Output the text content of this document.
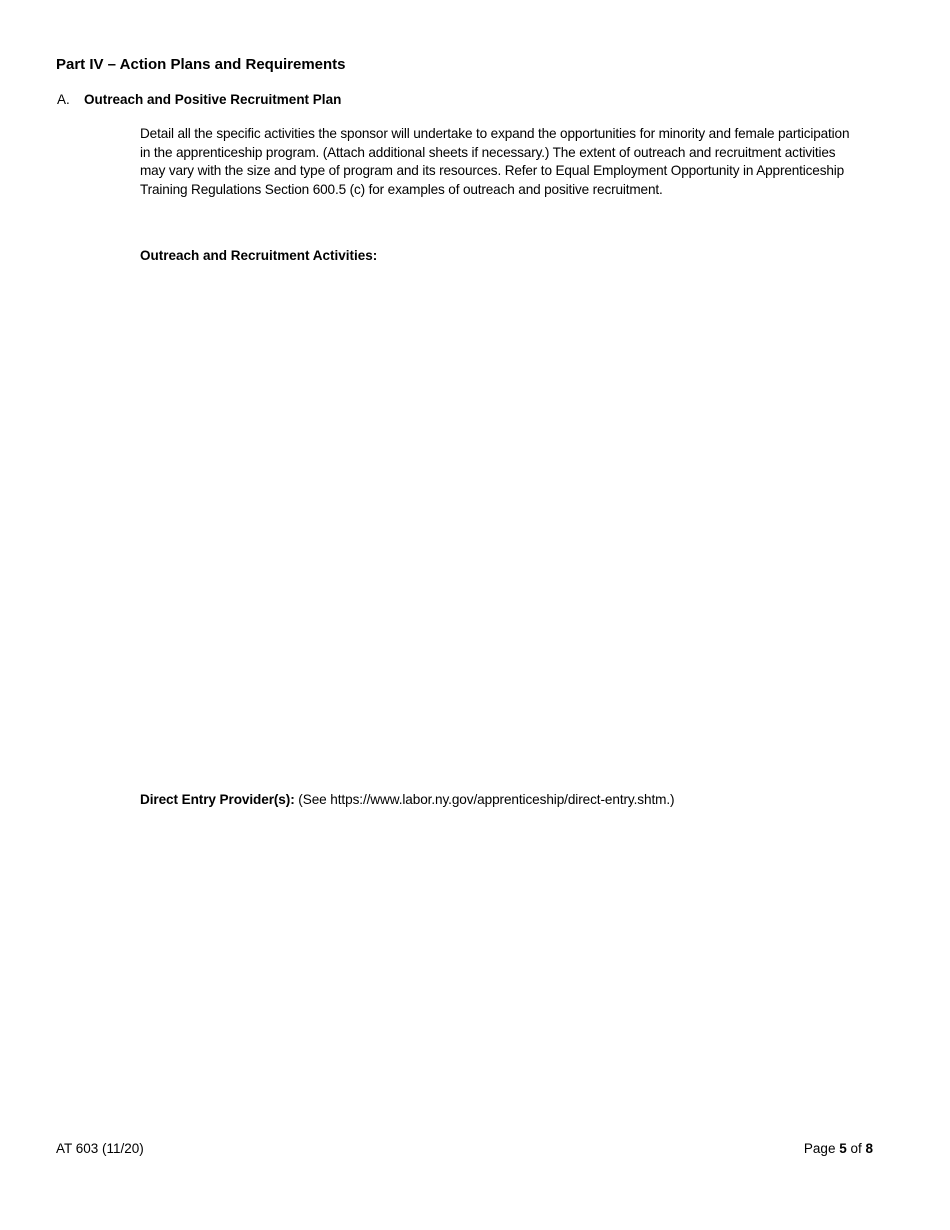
Part IV – Action Plans and Requirements
A. Outreach and Positive Recruitment Plan
Detail all the specific activities the sponsor will undertake to expand the opportunities for minority and female participation
in the apprenticeship program. (Attach additional sheets if necessary.) The extent of outreach and recruitment activities
may vary with the size and type of program and its resources. Refer to Equal Employment Opportunity in Apprenticeship
Training Regulations Section 600.5 (c) for examples of outreach and positive recruitment.
Outreach and Recruitment Activities:
Direct Entry Provider(s): (See https://www.labor.ny.gov/apprenticeship/direct-entry.shtm.)
AT 603 (11/20)	Page 5 of 8
